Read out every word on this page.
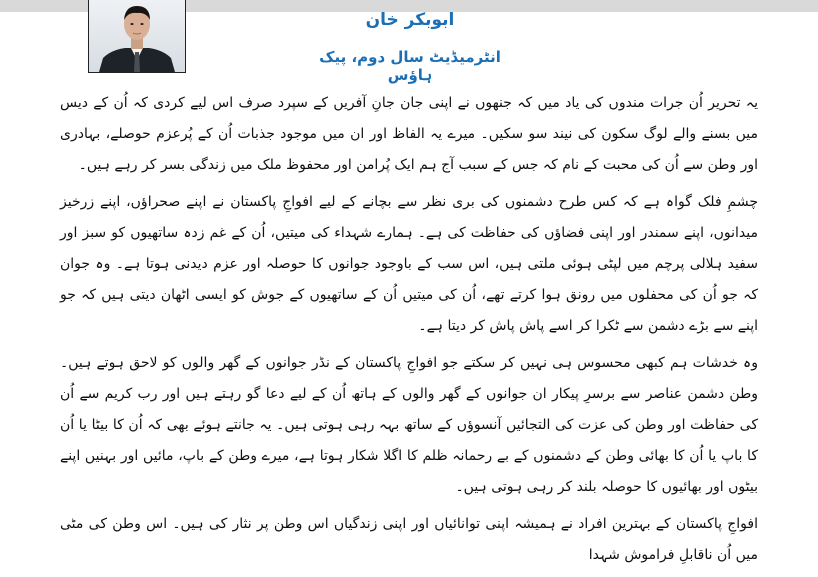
ابوبکر خان
انٹرمیڈیٹ سال دوم، پیک ہاؤس

یہ تحریر اُن جرات مندوں کی یاد میں کہ جنھوں نے اپنی جان جانِ آفریں کے سپرد صرف اس لیے کردی کہ اُن کے دیس میں بسنے والے لوگ سکون کی نیند سو سکیں۔ میرے یہ الفاظ اور ان میں موجود جذبات اُن کے پُرعزم حوصلے، بہادری اور وطن سے اُن کی محبت کے نام کہ جس کے سبب آج ہم ایک پُرامن اور محفوظ ملک میں زندگی بسر کر رہے ہیں۔

چشمِ فلک گواہ ہے کہ کس طرح دشمنوں کی بری نظر سے بچانے کے لیے افواجِ پاکستان نے اپنے صحراؤں، اپنے زرخیز میدانوں، اپنے سمندر اور اپنی فضاؤں کی حفاظت کی ہے۔ ہمارے شہداء کی میتیں، اُن کے غم زدہ ساتھیوں کو سبز اور سفید ہلالی پرچم میں لپٹی ہوئی ملتی ہیں، اس سب کے باوجود جوانوں کا حوصلہ اور عزم دیدنی ہوتا ہے۔ وہ جوان کہ جو اُن کی محفلوں میں رونق ہوا کرتے تھے، اُن کی میتیں اُن کے ساتھیوں کے جوش کو ایسی اٹھان دیتی ہیں کہ جو اپنے سے بڑے دشمن سے ٹکرا کر اسے پاش پاش کر دیتا ہے۔

وہ خدشات ہم کبھی محسوس ہی نہیں کر سکتے جو افواجِ پاکستان کے نڈر جوانوں کے گھر والوں کو لاحق ہوتے ہیں۔ وطن دشمن عناصر سے برسرِ پیکار ان جوانوں کے گھر والوں کے ہاتھ اُن کے لیے دعا گو رہتے ہیں اور رب کریم سے اُن کی حفاظت اور وطن کی عزت کی التجائیں آنسوؤں کے ساتھ بہہ رہی ہوتی ہیں۔ یہ جانتے ہوئے بھی کہ اُن کا بیٹا یا اُن کا باپ یا اُن کا بھائی وطن کے دشمنوں کے بے رحمانہ ظلم کا اگلا شکار ہوتا ہے، میرے وطن کے باپ، مائیں اور بہنیں اپنے بیٹوں اور بھائیوں کا حوصلہ بلند کر رہی ہوتی ہیں۔

افواجِ پاکستان کے بہترین افراد نے ہمیشہ اپنی توانائیاں اور اپنی زندگیاں اس وطن پر نثار کی ہیں۔ اس وطن کی مٹی میں اُن ناقابلِ فراموش شہدا
